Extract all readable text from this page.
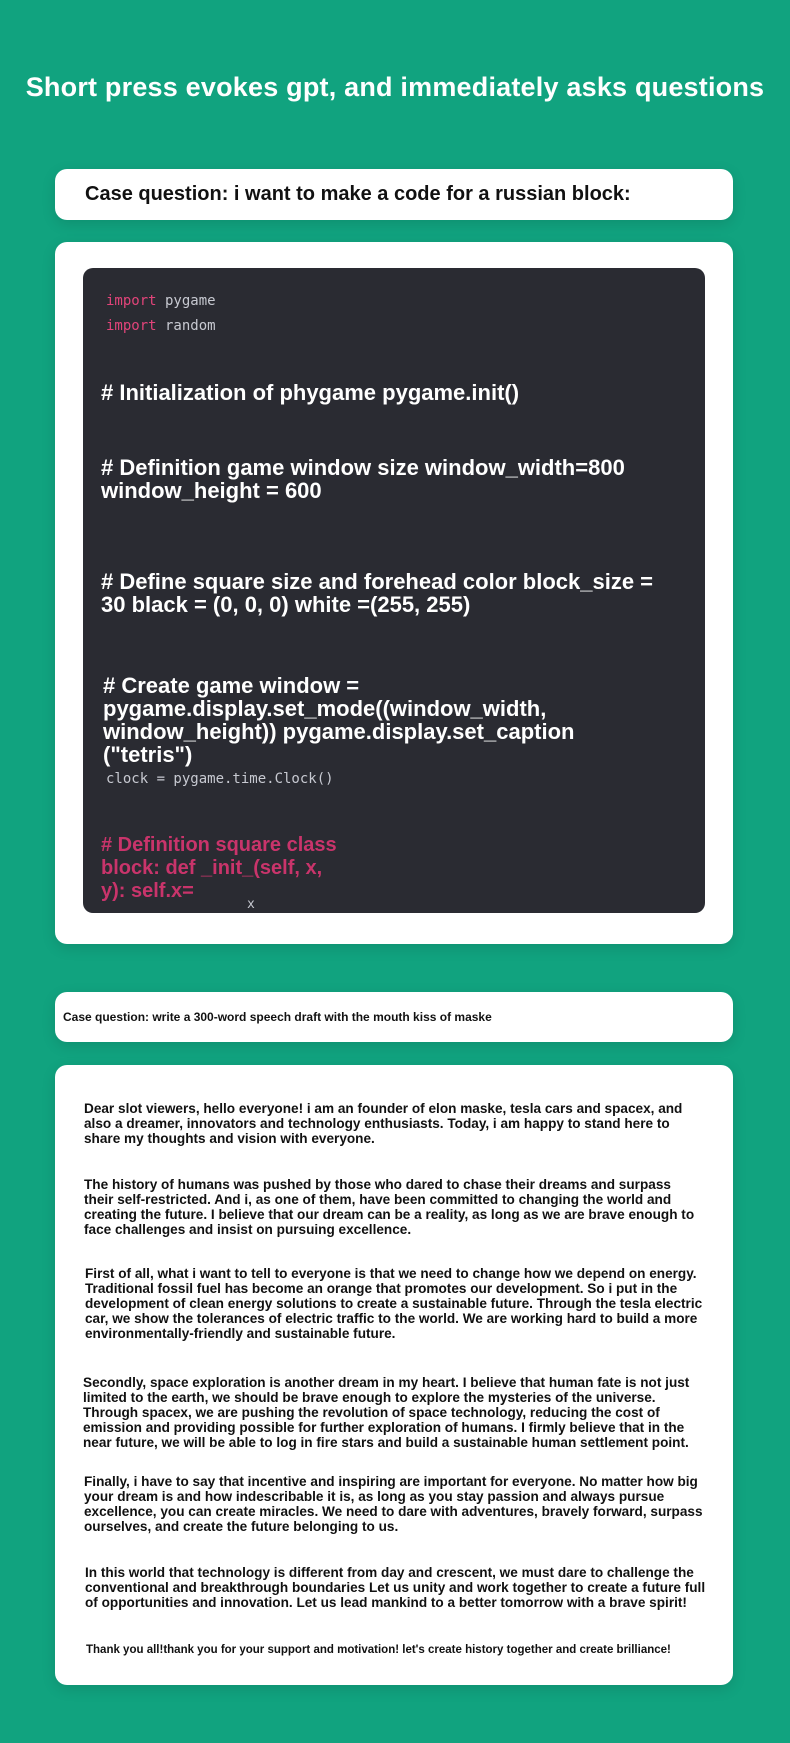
Short press evokes gpt, and immediately asks questions
Case question: i want to make a code for a russian block:
import pygame
import random
# Initialization of phygame pygame.init()
# Definition game window size window_width=800 window_height = 600
# Define square size and forehead color block_size = 30 black = (0, 0, 0) white =(255, 255)
# Create game window = pygame.display.set_mode((window_width, window_height)) pygame.display.set_caption ("tetris")
clock = pygame.time.Clock()
# Definition square class block: def _init_(self, x, y): self.x=
x
Case question: write a 300-word speech draft with the mouth kiss of maske
Dear slot viewers, hello everyone! i am an founder of elon maske, tesla cars and spacex, and also a dreamer, innovators and technology enthusiasts. Today, i am happy to stand here to share my thoughts and vision with everyone.
The history of humans was pushed by those who dared to chase their dreams and surpass their self-restricted. And i, as one of them, have been committed to changing the world and creating the future. I believe that our dream can be a reality, as long as we are brave enough to face challenges and insist on pursuing excellence.
First of all, what i want to tell to everyone is that we need to change how we depend on energy. Traditional fossil fuel has become an orange that promotes our development. So i put in the development of clean energy solutions to create a sustainable future. Through the tesla electric car, we show the tolerances of electric traffic to the world. We are working hard to build a more environmentally-friendly and sustainable future.
Secondly, space exploration is another dream in my heart. I believe that human fate is not just limited to the earth, we should be brave enough to explore the mysteries of the universe. Through spacex, we are pushing the revolution of space technology, reducing the cost of emission and providing possible for further exploration of humans. I firmly believe that in the near future, we will be able to log in fire stars and build a sustainable human settlement point.
Finally, i have to say that incentive and inspiring are important for everyone. No matter how big your dream is and how indescribable it is, as long as you stay passion and always pursue excellence, you can create miracles. We need to dare with adventures, bravely forward, surpass ourselves, and create the future belonging to us.
In this world that technology is different from day and crescent, we must dare to challenge the conventional and breakthrough boundaries Let us unity and work together to create a future full of opportunities and innovation. Let us lead mankind to a better tomorrow with a brave spirit!
Thank you all!thank you for your support and motivation! let's create history together and create brilliance!
